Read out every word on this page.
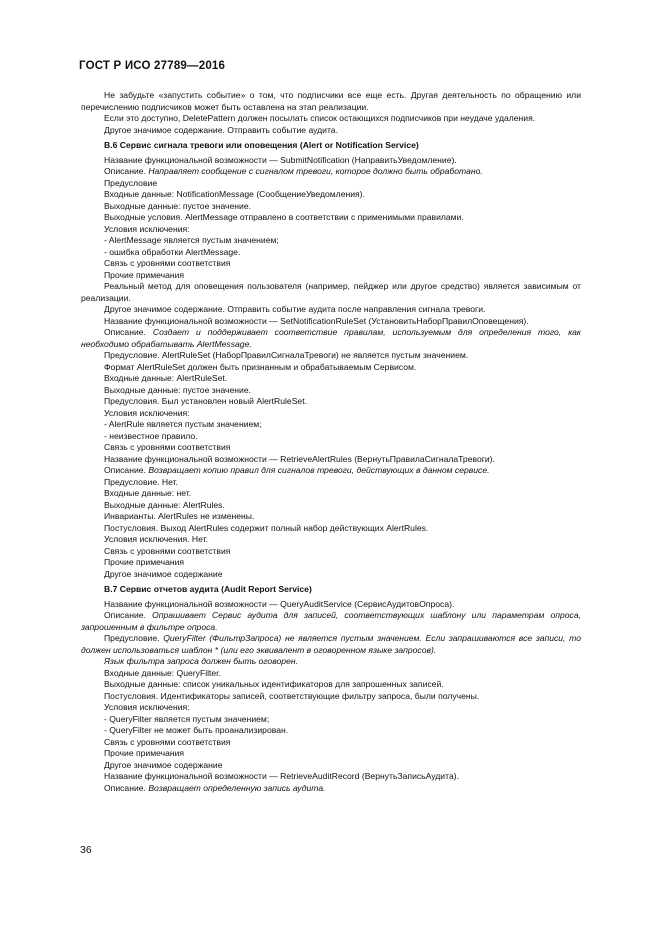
ГОСТ Р ИСО 27789—2016

Не забудьте «запустить событие» о том, что подписчики все еще есть. Другая деятельность по обращению или перечислению подписчиков может быть оставлена на этап реализации.

Если это доступно, DeletePattern должен посылать список остающихся подписчиков при неудаче удаления.

Другое значимое содержание. Отправить событие аудита.

В.6 Сервис сигнала тревоги или оповещения (Alert or Notification Service)

Название функциональной возможности — SubmitNotification (НаправитьУведомление).

Описание. Направляет сообщение с сигналом тревоги, которое должно быть обработано.

Предусловие

Входные данные: NotificationMessage (СообщениеУведомления).

Выходные данные: пустое значение.

Выходные условия. AlertMessage отправлено в соответствии с применимыми правилами.

Условия исключения:

- AlertMessage является пустым значением;

- ошибка обработки AlertMessage.

Связь с уровнями соответствия

Прочие примечания

Реальный метод для оповещения пользователя (например, пейджер или другое средство) является зависимым от реализации.

Другое значимое содержание. Отправить событие аудита после направления сигнала тревоги.

Название функциональной возможности — SetNotificationRuleSet (УстановитьНаборПравилОповещения).

Описание. Создает и поддерживает соответствие правилам, используемым для определения того, как необходимо обрабатывать AlertMessage.

Предусловие. AlertRuleSet (НаборПравилСигналаТревоги) не является пустым значением.

Формат AlertRuleSet должен быть признанным и обрабатываемым Сервисом.

Входные данные: AlertRuleSet.

Выходные данные: пустое значение.

Предусловия. Был установлен новый AlertRuleSet.

Условия исключения:

- AlertRule является пустым значением;

- неизвестное правило.

Связь с уровнями соответствия

Название функциональной возможности — RetrieveAlertRules (ВернутьПравилаСигналаТревоги).

Описание. Возвращает копию правил для сигналов тревоги, действующих в данном сервисе.

Предусловие. Нет.

Входные данные: нет.

Выходные данные: AlertRules.

Инварианты. AlertRules не изменены.

Постусловия. Выход AlertRules содержит полный набор действующих AlertRules.

Условия исключения. Нет.

Связь с уровнями соответствия

Прочие примечания

Другое значимое содержание

В.7 Сервис отчетов аудита (Audit Report Service)

Название функциональной возможности — QueryAuditService (СервисАудитовОпроса).

Описание. Опрашивает Сервис аудита для записей, соответствующих шаблону или параметрам опроса, запрошенным в фильтре опроса.

Предусловие. QueryFilter (ФильтрЗапроса) не является пустым значением. Если запрашиваются все записи, то должен использоваться шаблон * (или его эквивалент в оговоренном языке запросов).

Язык фильтра запроса должен быть оговорен.

Входные данные: QueryFilter.

Выходные данные: список уникальных идентификаторов для запрошенных записей.

Постусловия. Идентификаторы записей, соответствующие фильтру запроса, были получены.

Условия исключения:

- QueryFilter является пустым значением;

- QueryFilter не может быть проанализирован.

Связь с уровнями соответствия

Прочие примечания

Другое значимое содержание

Название функциональной возможности — RetrieveAuditRecord (ВернутьЗаписьАудита).

Описание. Возвращает определенную запись аудита.

36
